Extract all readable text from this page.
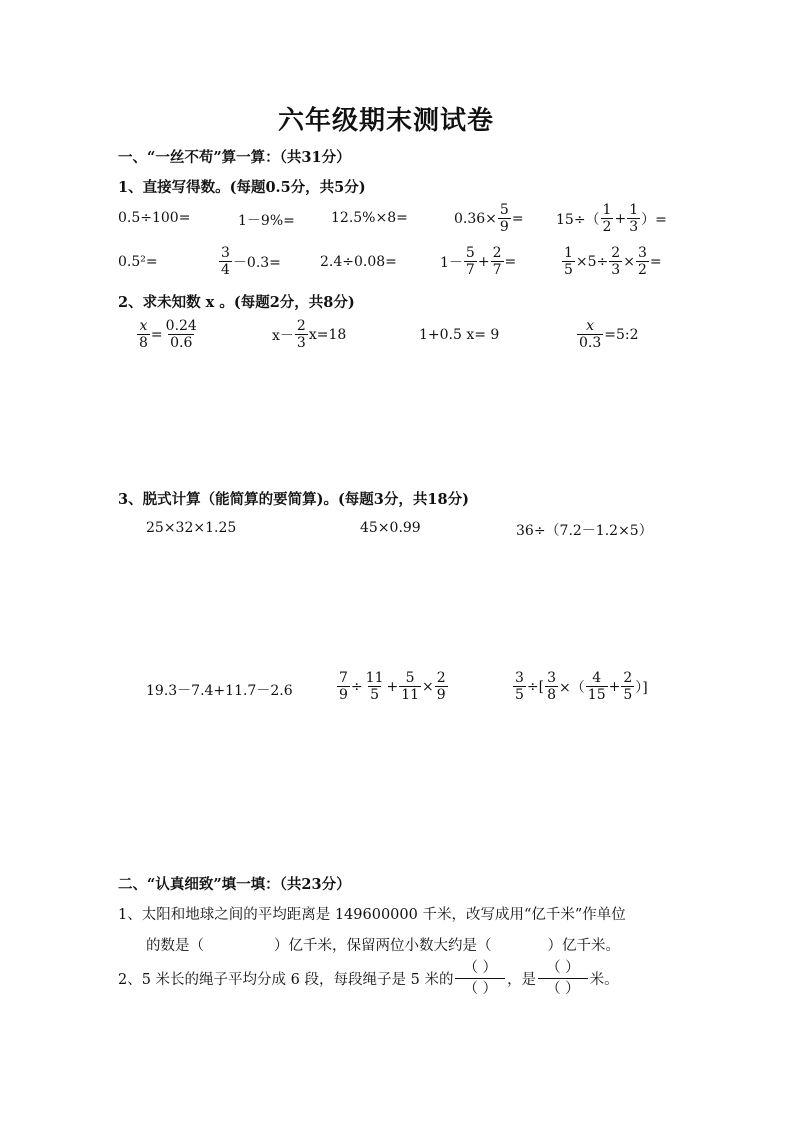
六年级期末测试卷
一、“一丝不苟”算一算：（共31分）
1、直接写得数。(每题0.5分，共5分)
0.5÷100=	1－9%=	12.5%×8=	$0.36\times \frac{5}{9} = 15\div( \frac{1}{2} + \frac{1}{3}$ ）=
0.5²=	$\frac{3}{4} -0.3=$	2.4÷0.08=	$1- \frac{5}{7} + \frac{2}{7}$ =	$\frac{1}{5} \times 5\div \frac{2}{3} \times \frac{3}{2}$ =
2、求未知数 x 。(每题2分，共8分)
$\frac{x}{8} = \frac{0.24}{0.6}$	$x- \frac{2}{3} x=18$	1+0.5 x= 9	$\frac{x}{0.3}$ =5:2
3、脱式计算（能简算的要简算)。(每题3分，共18分)
25×32×1.25	45×0.99	36÷（7.2－1.2×5）
19.3－7.4+11.7－2.6	$\frac{7}{9} \div \frac{11}{5} + \frac{5}{11} \times \frac{2}{9}$	$\frac{3}{5}$ ÷[ $\frac{3}{8}$ ×（ $\frac{4}{15} + \frac{2}{5}$ ）]
二、“认真细致”填一填：（共23分）
1、太阳和地球之间的平均距离是 149600000 千米，改写成用“亿千米”作单位
的数是（	）亿千米，保留两位小数大约是（	）亿千米。
2、5 米长的绳子平均分成 6 段，每段绳子是 5 米的 $\frac{( )}{( )}$ ，是 $\frac{( )}{( )}$ 米。
